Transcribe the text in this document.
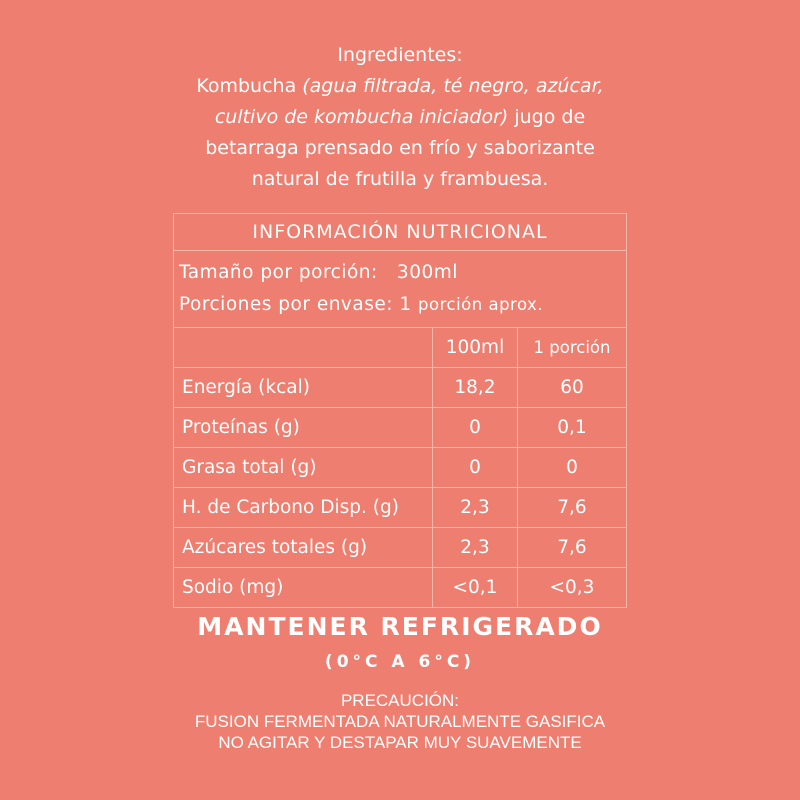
Ingredientes:
Kombucha (agua filtrada, té negro, azúcar,
cultivo de kombucha iniciador) jugo de
betarraga prensado en frío y saborizante
natural de frutilla y frambuesa.
INFORMACIÓN NUTRICIONAL		

Tamaño por porción: 300ml
Porciones por envase: 1 porción aprox.		

	100ml	1 porción
Energía (kcal)	18,2	60
Proteínas (g)	0	0,1
Grasa total (g)	0	0
H. de Carbono Disp. (g)	2,3	7,6
Azúcares totales (g)	2,3	7,6
Sodio (mg)	<0,1	<0,3
MANTENER REFRIGERADO
(0°C A 6°C)
PRECAUCIÓN:
FUSION FERMENTADA NATURALMENTE GASIFICA
NO AGITAR Y DESTAPAR MUY SUAVEMENTE
